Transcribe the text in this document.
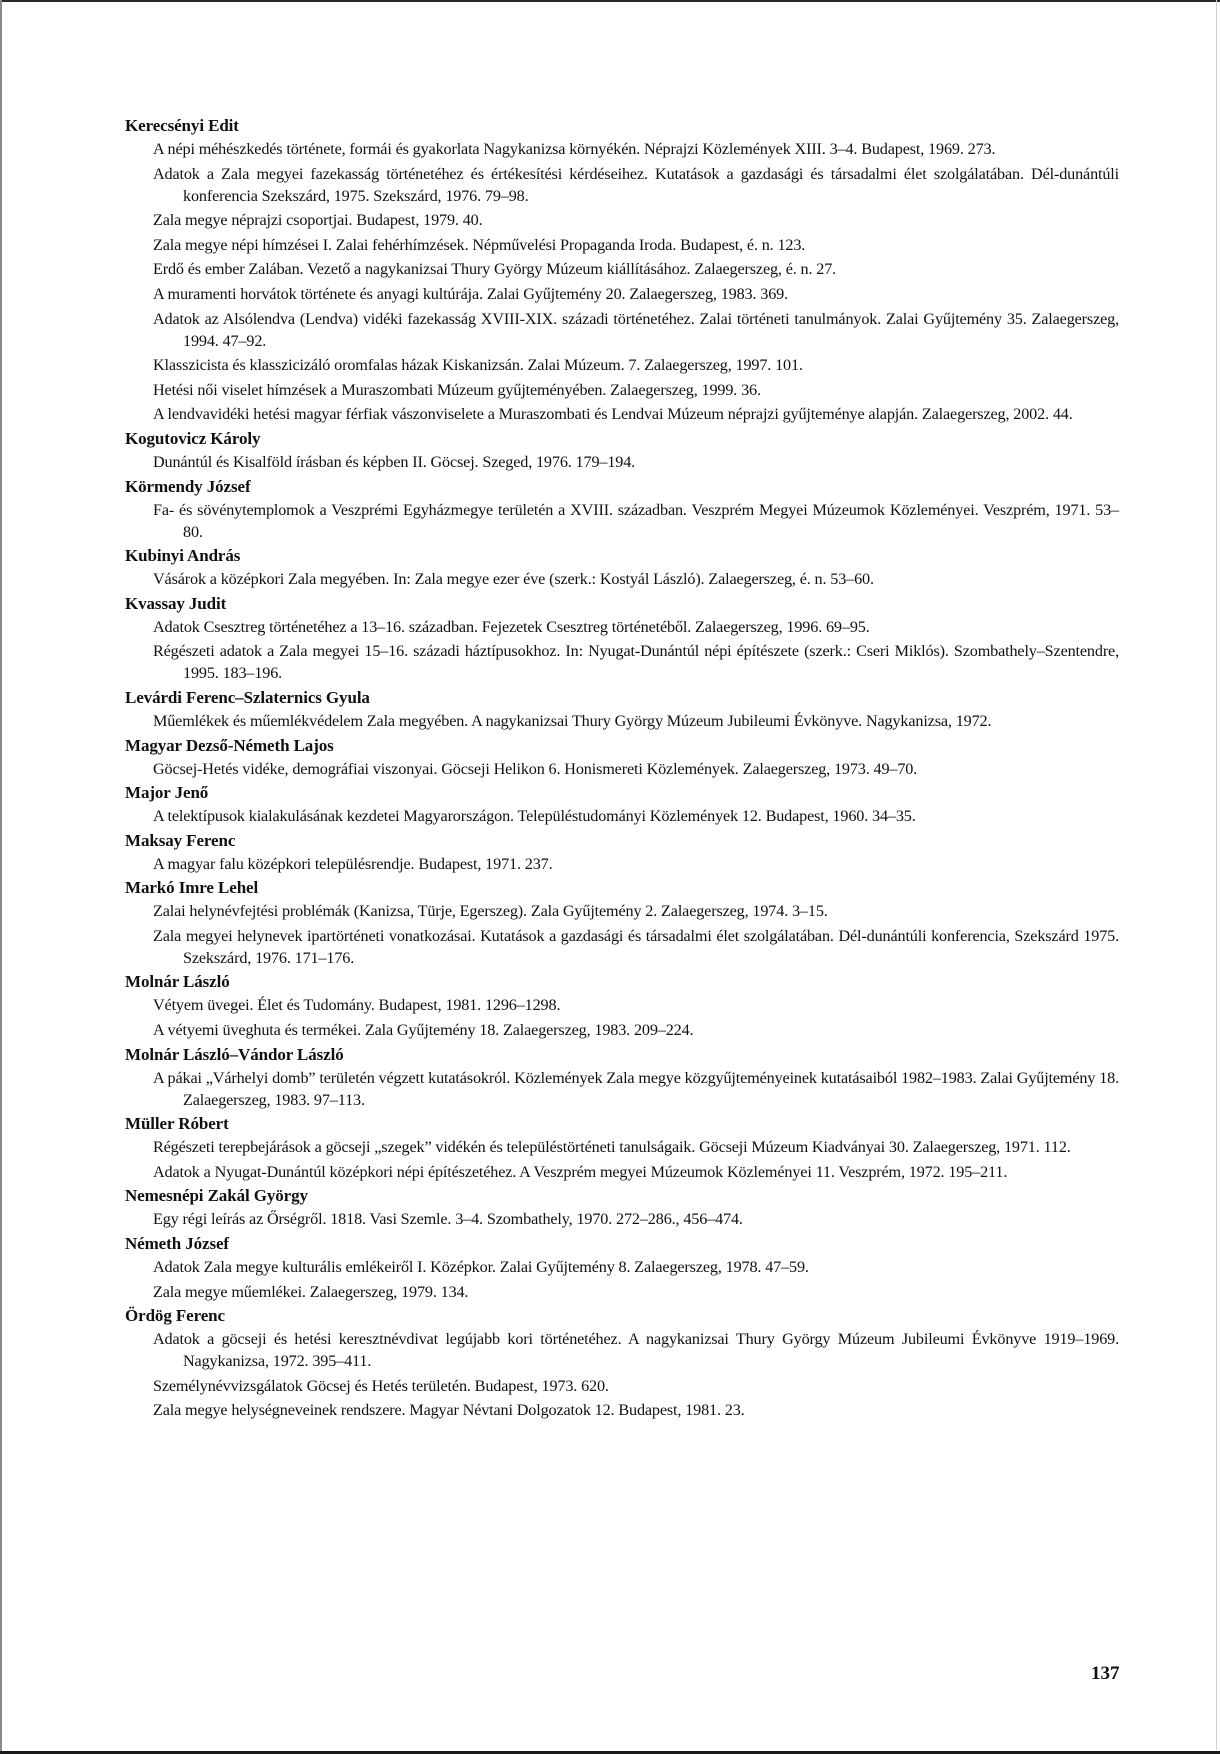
Kerecsényi Edit
A népi méhészkedés története, formái és gyakorlata Nagykanizsa környékén. Néprajzi Közlemények XIII. 3–4. Budapest, 1969. 273.
Adatok a Zala megyei fazekasság történetéhez és értékesítési kérdéseihez. Kutatások a gazdasági és társadalmi élet szolgálatában. Dél-dunántúli konferencia Szekszárd, 1975. Szekszárd, 1976. 79–98.
Zala megye néprajzi csoportjai. Budapest, 1979. 40.
Zala megye népi hímzései I. Zalai fehérhímzések. Népművelési Propaganda Iroda. Budapest, é. n. 123.
Erdő és ember Zalában. Vezető a nagykanizsai Thury György Múzeum kiállításához. Zalaegerszeg, é. n. 27.
A muramenti horvátok története és anyagi kultúrája. Zalai Gyűjtemény 20. Zalaegerszeg, 1983. 369.
Adatok az Alsólendva (Lendva) vidéki fazekasság XVIII-XIX. századi történetéhez. Zalai történeti tanulmányok. Zalai Gyűjtemény 35. Zalaegerszeg, 1994. 47–92.
Klasszicista és klasszicizáló oromfalas házak Kiskanizsán. Zalai Múzeum. 7. Zalaegerszeg, 1997. 101.
Hetési női viselet hímzések a Muraszombati Múzeum gyűjteményében. Zalaegerszeg, 1999. 36.
A lendvavidéki hetési magyar férfiak vászonviselete a Muraszombati és Lendvai Múzeum néprajzi gyűjteménye alapján. Zalaegerszeg, 2002. 44.
Kogutovicz Károly
Dunántúl és Kisalföld írásban és képben II. Göcsej. Szeged, 1976. 179–194.
Körmendy József
Fa- és sövénytemplomok a Veszprémi Egyházmegye területén a XVIII. században. Veszprém Megyei Múzeumok Közleményei. Veszprém, 1971. 53–80.
Kubinyi András
Vásárok a középkori Zala megyében. In: Zala megye ezer éve (szerk.: Kostyál László). Zalaegerszeg, é. n. 53–60.
Kvassay Judit
Adatok Csesztreg történetéhez a 13–16. században. Fejezetek Csesztreg történetéből. Zalaegerszeg, 1996. 69–95.
Régészeti adatok a Zala megyei 15–16. századi háztípusokhoz. In: Nyugat-Dunántúl népi építészete (szerk.: Cseri Miklós). Szombathely–Szentendre, 1995. 183–196.
Levárdi Ferenc–Szlaternics Gyula
Műemlékek és műemlékvédelem Zala megyében. A nagykanizsai Thury György Múzeum Jubileumi Évkönyve. Nagykanizsa, 1972.
Magyar Dezső-Németh Lajos
Göcsej-Hetés vidéke, demográfiai viszonyai. Göcseji Helikon 6. Honismereti Közlemények. Zalaegerszeg, 1973. 49–70.
Major Jenő
A telektípusok kialakulásának kezdetei Magyarországon. Településtudományi Közlemények 12. Budapest, 1960. 34–35.
Maksay Ferenc
A magyar falu középkori településrendje. Budapest, 1971. 237.
Markó Imre Lehel
Zalai helynévfejtési problémák (Kanizsa, Türje, Egerszeg). Zala Gyűjtemény 2. Zalaegerszeg, 1974. 3–15.
Zala megyei helynevek ipartörténeti vonatkozásai. Kutatások a gazdasági és társadalmi élet szolgálatában. Dél-dunántúli konferencia, Szekszárd 1975. Szekszárd, 1976. 171–176.
Molnár László
Vétyem üvegei. Élet és Tudomány. Budapest, 1981. 1296–1298.
A vétyemi üveghuta és termékei. Zala Gyűjtemény 18. Zalaegerszeg, 1983. 209–224.
Molnár László–Vándor László
A pákai „Várhelyi domb” területén végzett kutatásokról. Közlemények Zala megye közgyűjteményeinek kutatásaiból 1982–1983. Zalai Gyűjtemény 18. Zalaegerszeg, 1983. 97–113.
Müller Róbert
Régészeti terepbejárások a göcseji „szegek” vidékén és településtörténeti tanulságaik. Göcseji Múzeum Kiadványai 30. Zalaegerszeg, 1971. 112.
Adatok a Nyugat-Dunántúl középkori népi építészetéhez. A Veszprém megyei Múzeumok Közleményei 11. Veszprém, 1972. 195–211.
Nemesnépi Zakál György
Egy régi leírás az Őrségről. 1818. Vasi Szemle. 3–4. Szombathely, 1970. 272–286., 456–474.
Németh József
Adatok Zala megye kulturális emlékeiről I. Középkor. Zalai Gyűjtemény 8. Zalaegerszeg, 1978. 47–59.
Zala megye műemlékei. Zalaegerszeg, 1979. 134.
Ördög Ferenc
Adatok a göcseji és hetési keresztnévdivat legújabb kori történetéhez. A nagykanizsai Thury György Múzeum Jubileumi Évkönyve 1919–1969. Nagykanizsa, 1972. 395–411.
Személynévvizsgálatok Göcsej és Hetés területén. Budapest, 1973. 620.
Zala megye helységneveinek rendszere. Magyar Névtani Dolgozatok 12. Budapest, 1981. 23.
137
